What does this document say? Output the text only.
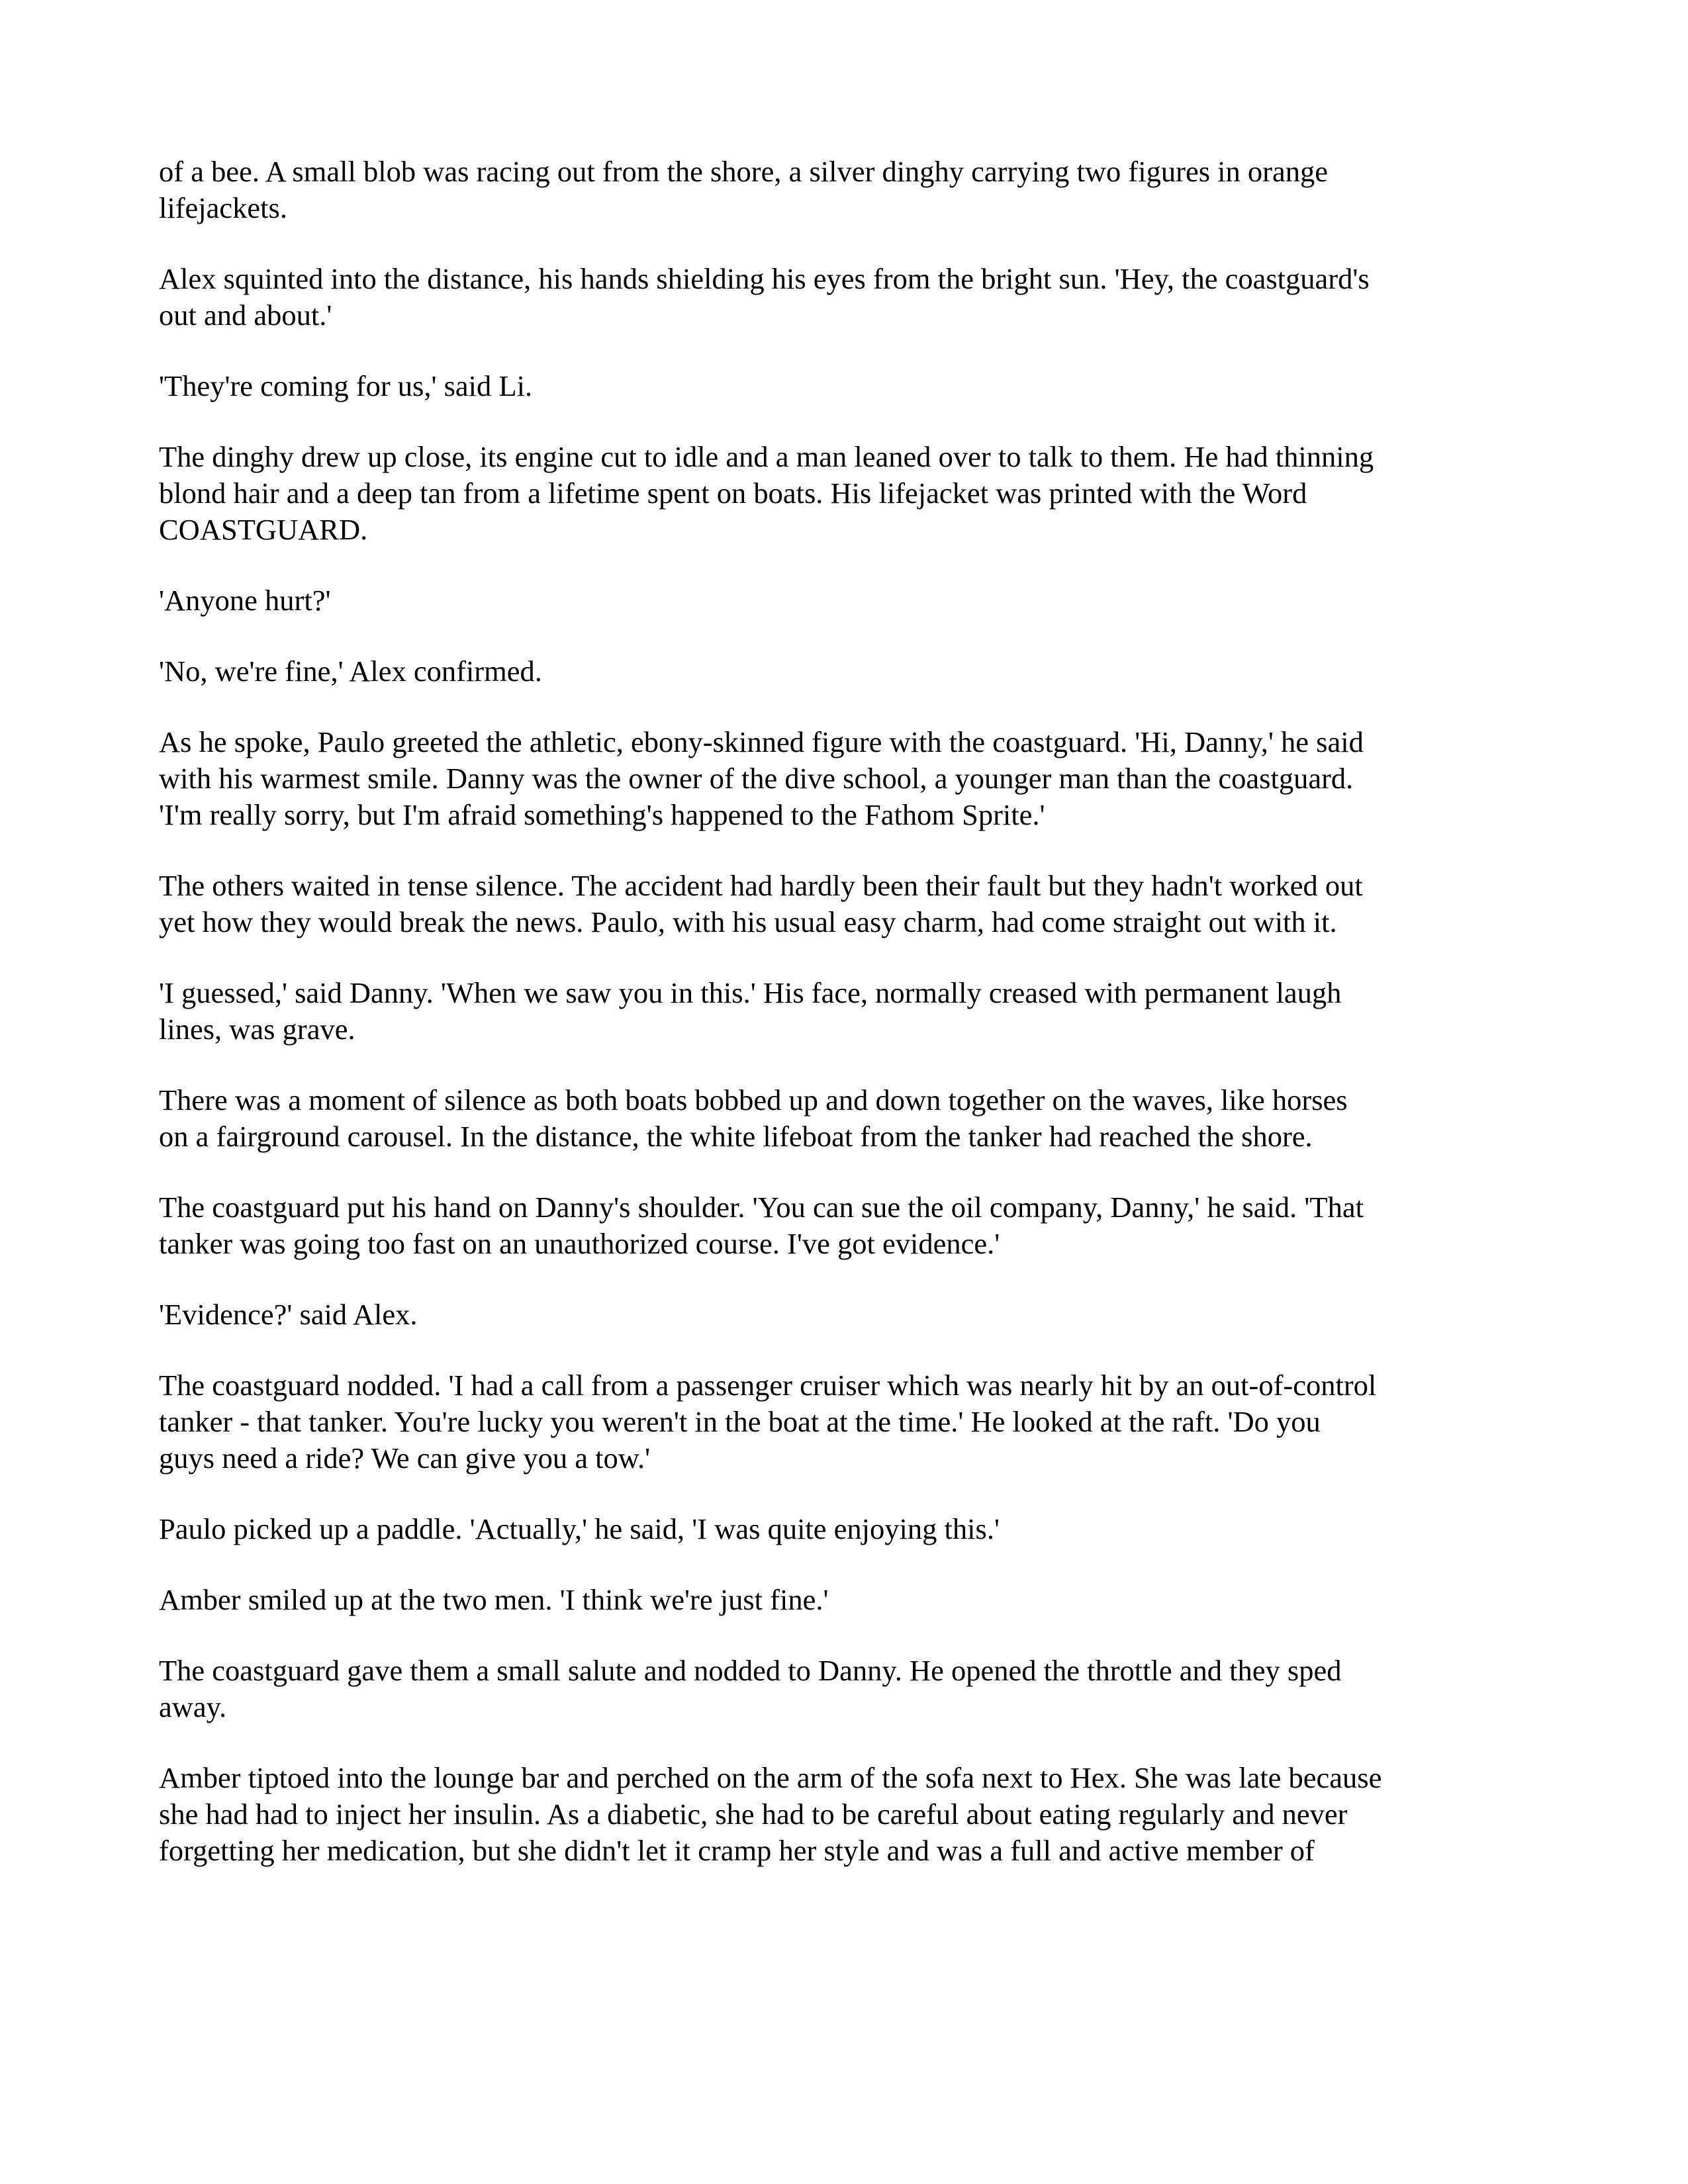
of a bee. A small blob was racing out from the shore, a silver dinghy carrying two figures in orange
lifejackets.

Alex squinted into the distance, his hands shielding his eyes from the bright sun. 'Hey, the coastguard's
out and about.'

'They're coming for us,' said Li.

The dinghy drew up close, its engine cut to idle and a man leaned over to talk to them. He had thinning
blond hair and a deep tan from a lifetime spent on boats. His lifejacket was printed with the Word
COASTGUARD.

'Anyone hurt?'

'No, we're fine,' Alex confirmed.

As he spoke, Paulo greeted the athletic, ebony-skinned figure with the coastguard. 'Hi, Danny,' he said
with his warmest smile. Danny was the owner of the dive school, a younger man than the coastguard.
'I'm really sorry, but I'm afraid something's happened to the Fathom Sprite.'

The others waited in tense silence. The accident had hardly been their fault but they hadn't worked out
yet how they would break the news. Paulo, with his usual easy charm, had come straight out with it.

'I guessed,' said Danny. 'When we saw you in this.' His face, normally creased with permanent laugh
lines, was grave.

There was a moment of silence as both boats bobbed up and down together on the waves, like horses
on a fairground carousel. In the distance, the white lifeboat from the tanker had reached the shore.

The coastguard put his hand on Danny's shoulder. 'You can sue the oil company, Danny,' he said. 'That
tanker was going too fast on an unauthorized course. I've got evidence.'

'Evidence?' said Alex.

The coastguard nodded. 'I had a call from a passenger cruiser which was nearly hit by an out-of-control
tanker - that tanker. You're lucky you weren't in the boat at the time.' He looked at the raft. 'Do you
guys need a ride? We can give you a tow.'

Paulo picked up a paddle. 'Actually,' he said, 'I was quite enjoying this.'

Amber smiled up at the two men. 'I think we're just fine.'

The coastguard gave them a small salute and nodded to Danny. He opened the throttle and they sped
away.

Amber tiptoed into the lounge bar and perched on the arm of the sofa next to Hex. She was late because
she had had to inject her insulin. As a diabetic, she had to be careful about eating regularly and never
forgetting her medication, but she didn't let it cramp her style and was a full and active member of
